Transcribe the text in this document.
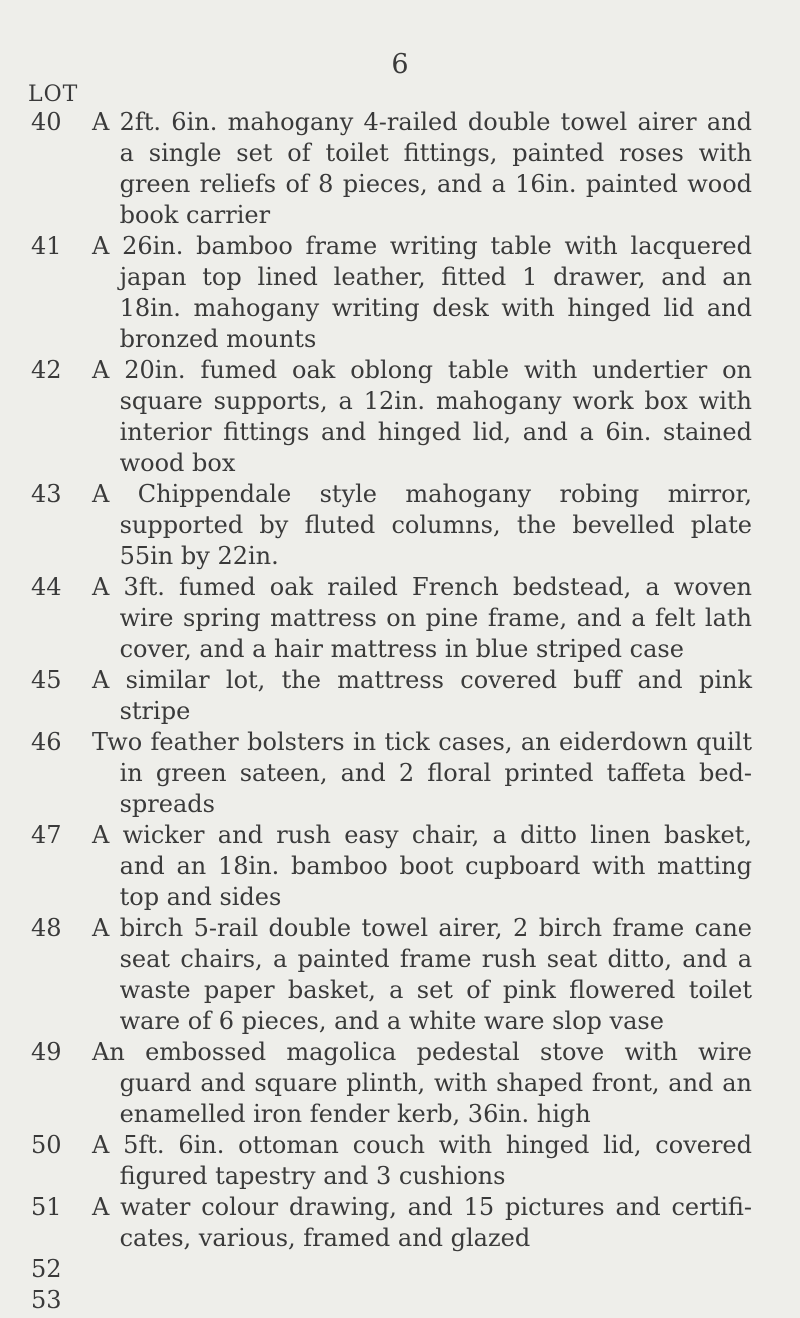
6
LOT
40	A 2ft. 6in. mahogany 4-railed double towel airer and a single set of toilet fittings, painted roses with green reliefs of 8 pieces, and a 16in. painted wood book carrier
41	A 26in. bamboo frame writing table with lacquered japan top lined leather, fitted 1 drawer, and an 18in. mahogany writing desk with hinged lid and bronzed mounts
42	A 20in. fumed oak oblong table with undertier on square supports, a 12in. mahogany work box with interior fittings and hinged lid, and a 6in. stained wood box
43	A Chippendale style mahogany robing mirror, supported by fluted columns, the bevelled plate 55in by 22in.
44	A 3ft. fumed oak railed French bedstead, a woven wire spring mattress on pine frame, and a felt lath cover, and a hair mattress in blue striped case
45	A similar lot, the mattress covered buff and pink stripe
46	Two feather bolsters in tick cases, an eiderdown quilt in green sateen, and 2 floral printed taffeta bed-spreads
47	A wicker and rush easy chair, a ditto linen basket, and an 18in. bamboo boot cupboard with matting top and sides
48	A birch 5-rail double towel airer, 2 birch frame cane seat chairs, a painted frame rush seat ditto, and a waste paper basket, a set of pink flowered toilet ware of 6 pieces, and a white ware slop vase
49	An embossed magolica pedestal stove with wire guard and square plinth, with shaped front, and an enamelled iron fender kerb, 36in. high
50	A 5ft. 6in. ottoman couch with hinged lid, covered figured tapestry and 3 cushions
51	A water colour drawing, and 15 pictures and certifi-cates, various, framed and glazed
52
53
